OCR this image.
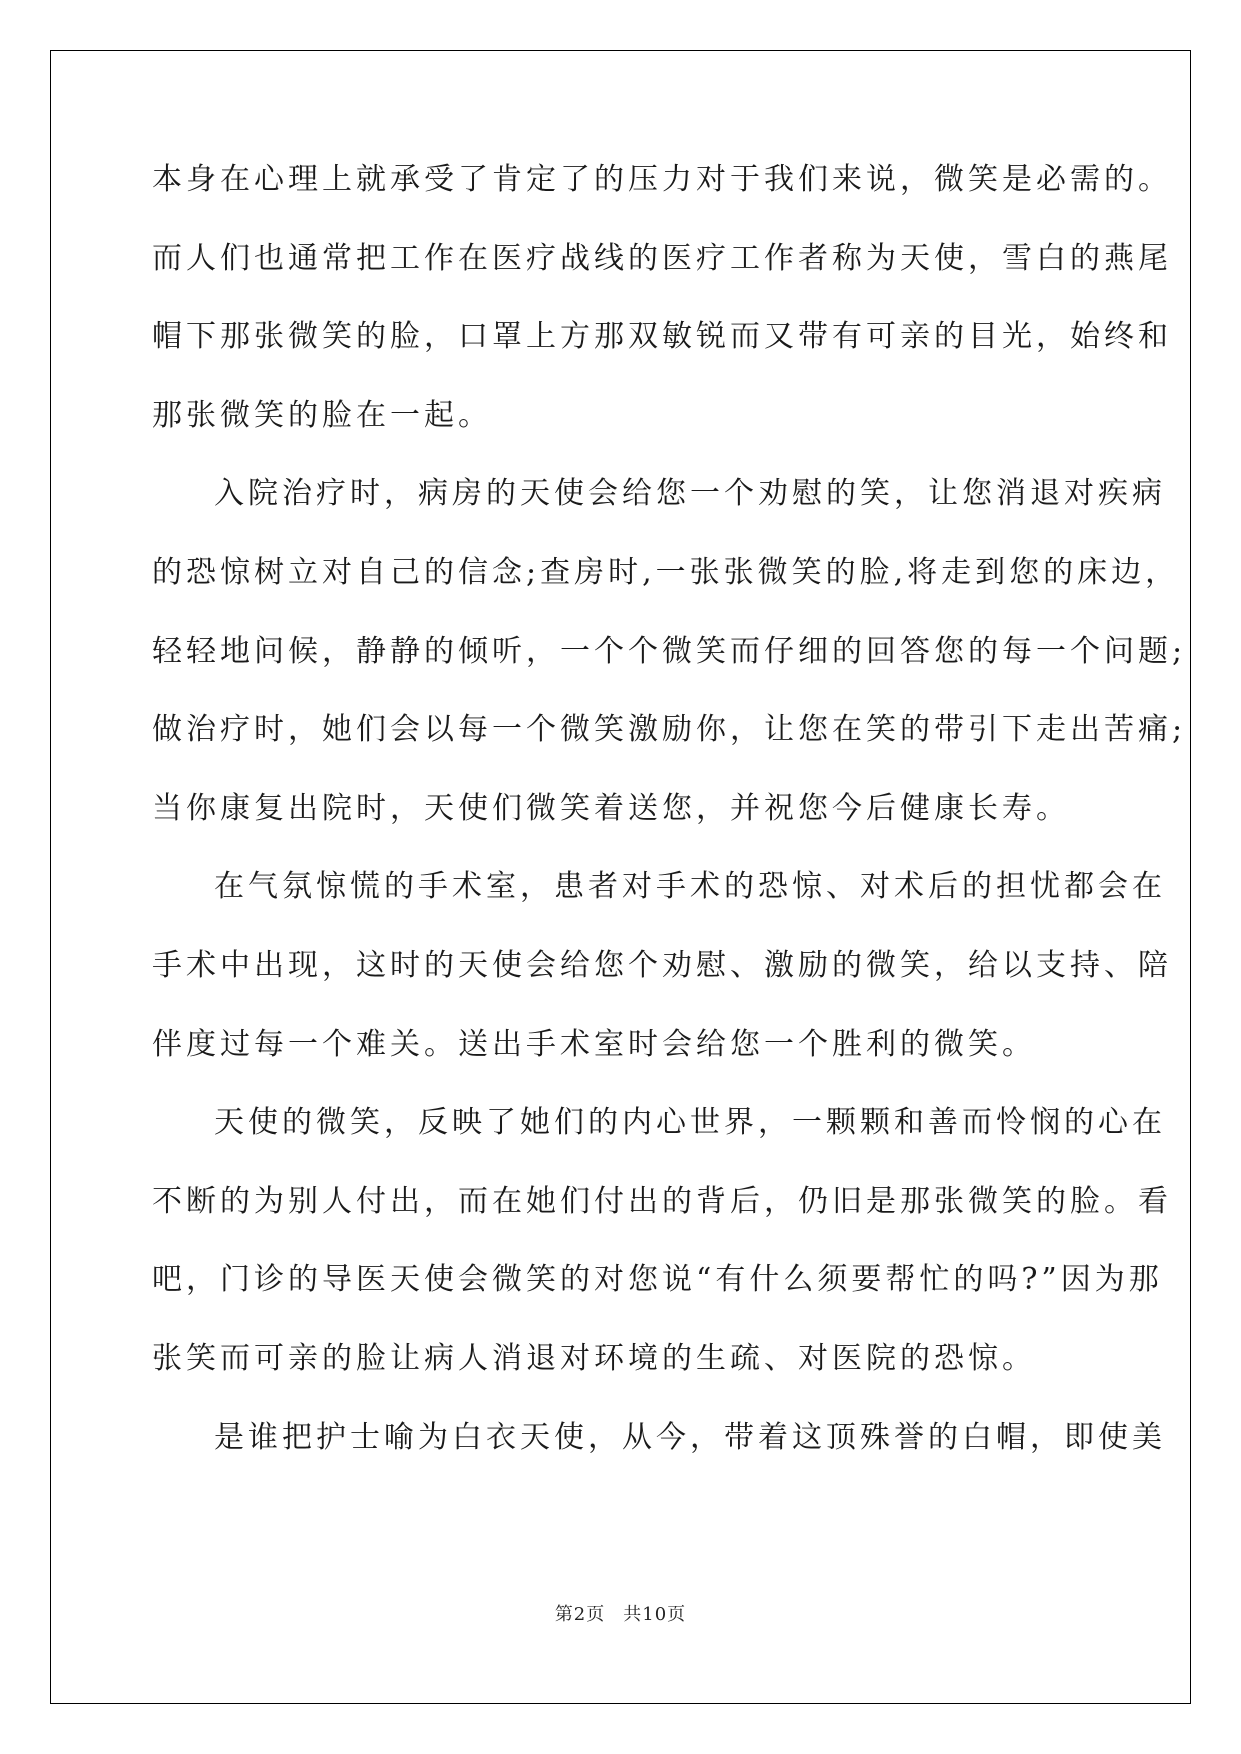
本身在心理上就承受了肯定了的压力对于我们来说，微笑是必需的。
而人们也通常把工作在医疗战线的医疗工作者称为天使，雪白的燕尾
帽下那张微笑的脸，口罩上方那双敏锐而又带有可亲的目光，始终和
那张微笑的脸在一起。
入院治疗时，病房的天使会给您一个劝慰的笑，让您消退对疾病
的恐惊树立对自己的信念;查房时,一张张微笑的脸,将走到您的床边，
轻轻地问候，静静的倾听，一个个微笑而仔细的回答您的每一个问题;
做治疗时，她们会以每一个微笑激励你，让您在笑的带引下走出苦痛;
当你康复出院时，天使们微笑着送您，并祝您今后健康长寿。
在气氛惊慌的手术室，患者对手术的恐惊、对术后的担忧都会在
手术中出现，这时的天使会给您个劝慰、激励的微笑，给以支持、陪
伴度过每一个难关。送出手术室时会给您一个胜利的微笑。
天使的微笑，反映了她们的内心世界，一颗颗和善而怜悯的心在
不断的为别人付出，而在她们付出的背后，仍旧是那张微笑的脸。看
吧，门诊的导医天使会微笑的对您说“有什么须要帮忙的吗?”因为那
张笑而可亲的脸让病人消退对环境的生疏、对医院的恐惊。
是谁把护士喻为白衣天使，从今，带着这顶殊誉的白帽，即使美
第2页 共10页
